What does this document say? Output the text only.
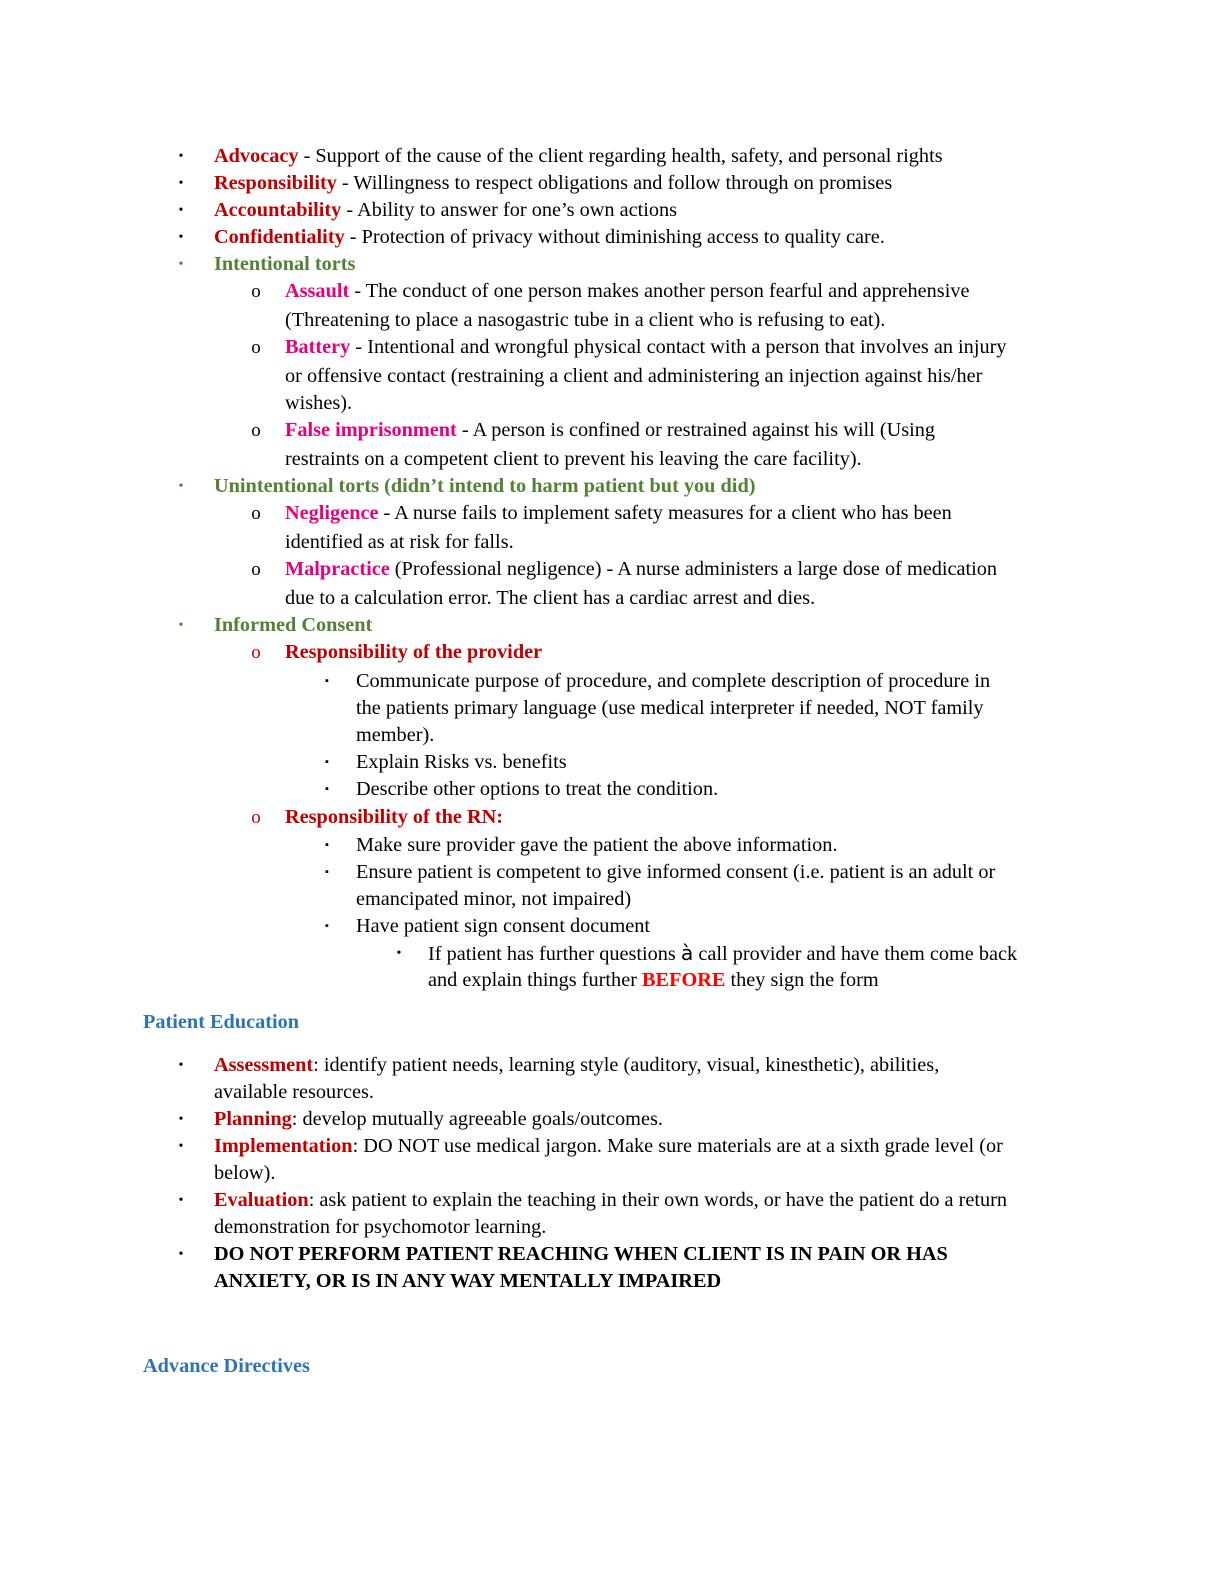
•	Advocacy - Support of the cause of the client regarding health, safety, and personal rights
•	Responsibility - Willingness to respect obligations and follow through on promises
•	Accountability - Ability to answer for one’s own actions
•	Confidentiality - Protection of privacy without diminishing access to quality care.
•	Intentional torts
o Assault - The conduct of one person makes another person fearful and apprehensive
(Threatening to place a nasogastric tube in a client who is refusing to eat).
o Battery - Intentional and wrongful physical contact with a person that involves an injury
or offensive contact (restraining a client and administering an injection against his/her
wishes).
o False imprisonment - A person is confined or restrained against his will (Using
restraints on a competent client to prevent his leaving the care facility).
•	Unintentional torts (didn’t intend to harm patient but you did)
o Negligence - A nurse fails to implement safety measures for a client who has been
identified as at risk for falls.
o Malpractice (Professional negligence) - A nurse administers a large dose of medication
due to a calculation error. The client has a cardiac arrest and dies.
•	Informed Consent
o Responsibility of the provider
▪	Communicate purpose of procedure, and complete description of procedure in
the patients primary language (use medical interpreter if needed, NOT family
member).
▪	Explain Risks vs. benefits
▪	Describe other options to treat the condition.
o Responsibility of the RN:
▪	Make sure provider gave the patient the above information.
▪	Ensure patient is competent to give informed consent (i.e. patient is an adult or
emancipated minor, not impaired)
▪	Have patient sign consent document
•	If patient has further questions à call provider and have them come back
and explain things further BEFORE they sign the form
Patient Education
•	Assessment: identify patient needs, learning style (auditory, visual, kinesthetic), abilities,
available resources.
•	Planning: develop mutually agreeable goals/outcomes.
•	Implementation: DO NOT use medical jargon. Make sure materials are at a sixth grade level (or
below).
•	Evaluation: ask patient to explain the teaching in their own words, or have the patient do a return
demonstration for psychomotor learning.
•	DO NOT PERFORM PATIENT REACHING WHEN CLIENT IS IN PAIN OR HAS
ANXIETY, OR IS IN ANY WAY MENTALLY IMPAIRED
Advance Directives
